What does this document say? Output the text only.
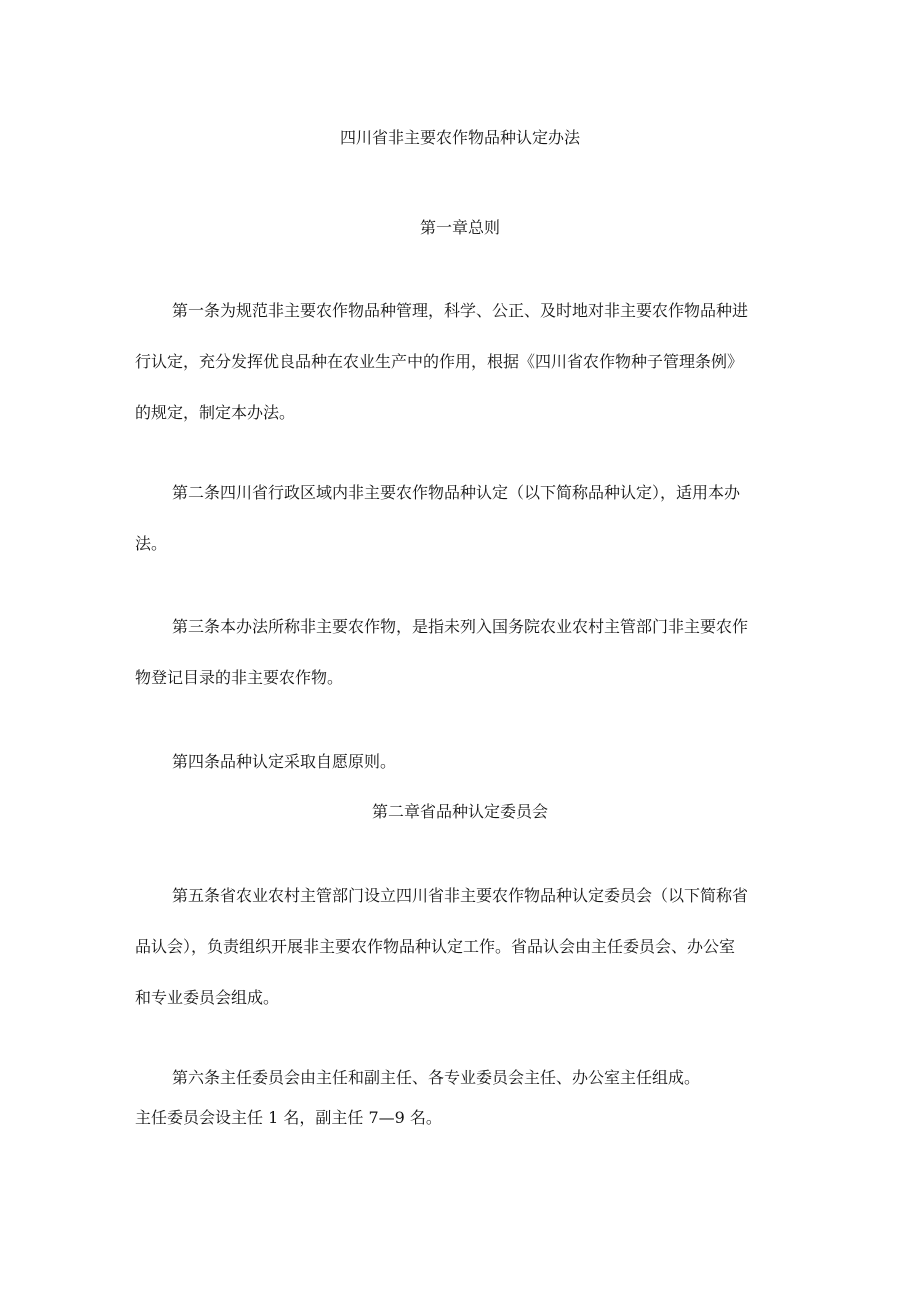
四川省非主要农作物品种认定办法
第一章总则
第一条为规范非主要农作物品种管理，科学、公正、及时地对非主要农作物品种进
行认定，充分发挥优良品种在农业生产中的作用，根据《四川省农作物种子管理条例》
的规定，制定本办法。
第二条四川省行政区域内非主要农作物品种认定（以下简称品种认定），适用本办
法。
第三条本办法所称非主要农作物，是指未列入国务院农业农村主管部门非主要农作
物登记目录的非主要农作物。
第四条品种认定采取自愿原则。
第二章省品种认定委员会
第五条省农业农村主管部门设立四川省非主要农作物品种认定委员会（以下简称省
品认会），负责组织开展非主要农作物品种认定工作。省品认会由主任委员会、办公室
和专业委员会组成。
第六条主任委员会由主任和副主任、各专业委员会主任、办公室主任组成。
主任委员会设主任 1 名，副主任 7—9 名。
